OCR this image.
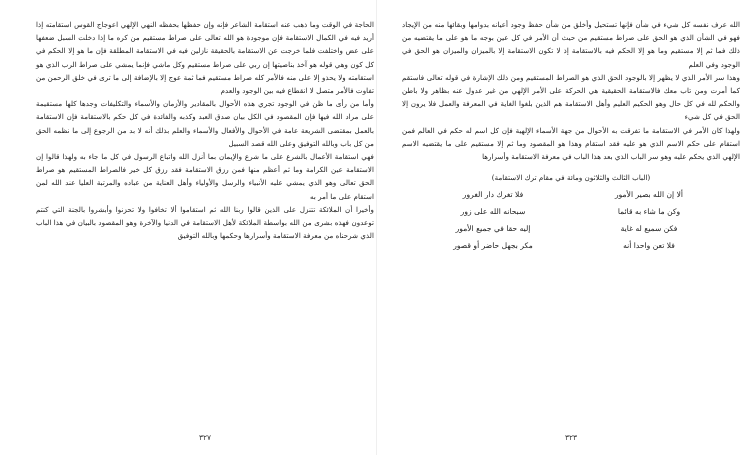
الحاجة في الوقت وما ذهب عنه استقامة الشاعر فإنه وإن حفظها بحفظه النهي الإلهي اعوجاج القوس استقامته إذا أريد فيه في الكمال الاستقامة فإن موجودة هو الله تعالى على صراط مستقيم من كره ما إذا دخلت السبل ضعفها على عض واختلفت فلما خرجت عن الاستقامة بالحقيقة نازلين فيه في الاستقامة المطلقة فإن ما هو إلا الحكم في كل كون وهي قوله هو آخذ بناصيتها إن ربي على صراط مستقيم وكل ماشي فإنما يمشي على صراط الرب الذي هو استقامته ولا يحذو إلا على منه فالأمر كله صراط مستقيم فما ثمة عوج إلا بالإضافة إلى ما ترى في خلق الرحمن من تفاوت فالأمر متصل لا انقطاع فيه بين الوجود والعدم

وأما من رأى ما ظن في الوجود تجري هذه الأحوال بالمقادير والأزمان والأسماء والتكليفات وجدها كلها مستقيمة على مراد الله فيها فإن المقصود في الكل بيان صدق العبد وكذبه والفائدة في كل حكم بالاستقامة فإن الاستقامة بالعمل بمقتضى الشريعة عامة في الأحوال والأفعال والأسماء والعلم بذلك أنه لا بد من الرجوع إلى ما نظمه الحق من كل باب وبالله التوفيق وعلى الله قصد السبيل

فهي استقامة الأعمال بالشرع على ما شرع والإيمان بما أنزل الله واتباع الرسول في كل ما جاء به ولهذا قالوا إن الاستقامة عين الكرامة وما ثم أعظم منها فمن رزق الاستقامة فقد رزق كل خير فالصراط المستقيم هو صراط الحق تعالى وهو الذي يمشي عليه الأنبياء والرسل والأولياء وأهل العناية من عباده والمرتبة العليا عند الله لمن استقام على ما أمر به

وأخيرا أن الملائكة تتنزل على الذين قالوا ربنا الله ثم استقاموا ألا تخافوا ولا تحزنوا وأبشروا بالجنة التي كنتم توعدون فهذه بشرى من الله بواسطة الملائكة لأهل الاستقامة في الدنيا والآخرة وهو المقصود بالبيان في هذا الباب الذي شرحناه من معرفة الاستقامة وأسرارها وحكمها وبالله التوفيق

٣٢٧

الله عرف نفسه كل شيء في شأن فإنها تستحيل وأخلق من شأن حفظ وجود أعيانه بدوامها وبقائها منه من الإيجاد فهو في الشأن الذي هو الحق على صراط مستقيم من حيث أن الأمر في كل عين بوجه ما هو على ما يقتضيه من ذلك فما ثم إلا مستقيم وما هو إلا الحكم فيه بالاستقامة إذ لا تكون الاستقامة إلا بالميزان والميزان هو الحق في الوجود وفي العلم

وهذا سر الأمر الذي لا يظهر إلا بالوجود الحق الذي هو الصراط المستقيم ومن ذلك الإشارة في قوله تعالى فاستقم كما أمرت ومن تاب معك فالاستقامة الحقيقية هي الحركة على الأمر الإلهي من غير عدول عنه بظاهر ولا باطن والحكم لله في كل حال وهو الحكيم العليم وأهل الاستقامة هم الذين بلغوا الغاية في المعرفة والعمل فلا يرون إلا الحق في كل شيء

ولهذا كان الأمر في الاستقامة ما تفرقت به الأحوال من جهة الأسماء الإلهية فإن كل اسم له حكم في العالم فمن استقام على حكم الاسم الذي هو عليه فقد استقام وهذا هو المقصود وما ثم إلا مستقيم على ما يقتضيه الاسم الإلهي الذي يحكم عليه وهو سر الباب الذي بعد هذا الباب في معرفة الاستقامة وأسرارها

(الباب الثالث والثلاثون ومائة في مقام ترك الاستقامة)
ألا إن الله بصير الأمور
فلا تغرك دار الغرور
وكن ما شاء به قائما
سبحانه الله على زور
فكن سميع له غاية
إليه حقا في جميع الأمور
فلا تعن واحدا أنه
مكر بجهل حاضر أو قصور
٣٢٣
